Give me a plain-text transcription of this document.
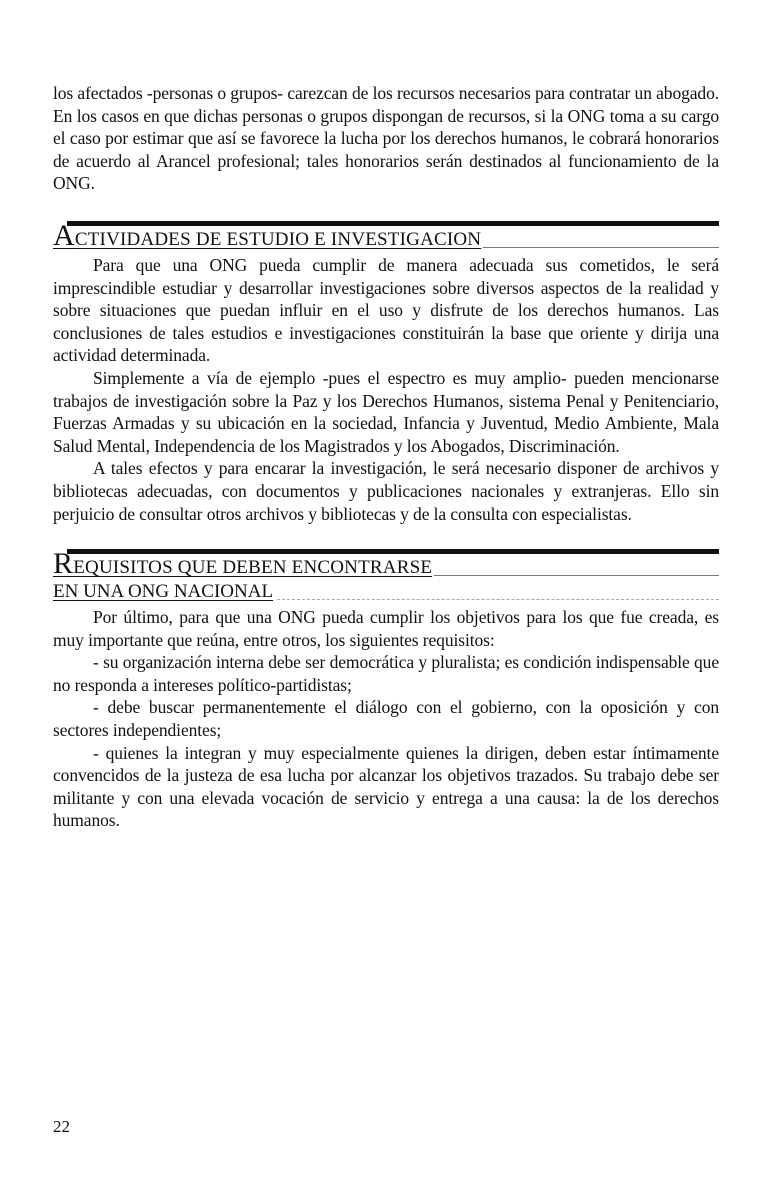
los afectados -personas o grupos- carezcan de los recursos necesarios para contratar un abogado. En los casos en que dichas personas o grupos dispongan de recursos, si la ONG toma a su cargo el caso por estimar que así se favorece la lucha por los derechos humanos, le cobrará honorarios de acuerdo al Arancel profesional; tales honorarios serán destinados al funcionamiento de la ONG.

ACTIVIDADES DE ESTUDIO E INVESTIGACION

Para que una ONG pueda cumplir de manera adecuada sus cometidos, le será imprescindible estudiar y desarrollar investigaciones sobre diversos aspectos de la realidad y sobre situaciones que puedan influir en el uso y disfrute de los derechos humanos. Las conclusiones de tales estudios e investigaciones constituirán la base que oriente y dirija una actividad determinada.

Simplemente a vía de ejemplo -pues el espectro es muy amplio- pueden mencionarse trabajos de investigación sobre la Paz y los Derechos Humanos, sistema Penal y Penitenciario, Fuerzas Armadas y su ubicación en la sociedad, Infancia y Juventud, Medio Ambiente, Mala Salud Mental, Independencia de los Magistrados y los Abogados, Discriminación.

A tales efectos y para encarar la investigación, le será necesario disponer de archivos y bibliotecas adecuadas, con documentos y publicaciones nacionales y extranjeras. Ello sin perjuicio de consultar otros archivos y bibliotecas y de la consulta con especialistas.

REQUISITOS QUE DEBEN ENCONTRARSE
EN UNA ONG NACIONAL

Por último, para que una ONG pueda cumplir los objetivos para los que fue creada, es muy importante que reúna, entre otros, los siguientes requisitos:

- su organización interna debe ser democrática y pluralista; es condición indispensable que no responda a intereses político-partidistas;

- debe buscar permanentemente el diálogo con el gobierno, con la oposición y con sectores independientes;

- quienes la integran y muy especialmente quienes la dirigen, deben estar íntimamente convencidos de la justeza de esa lucha por alcanzar los objetivos trazados. Su trabajo debe ser militante y con una elevada vocación de servicio y entrega a una causa: la de los derechos humanos.

22
